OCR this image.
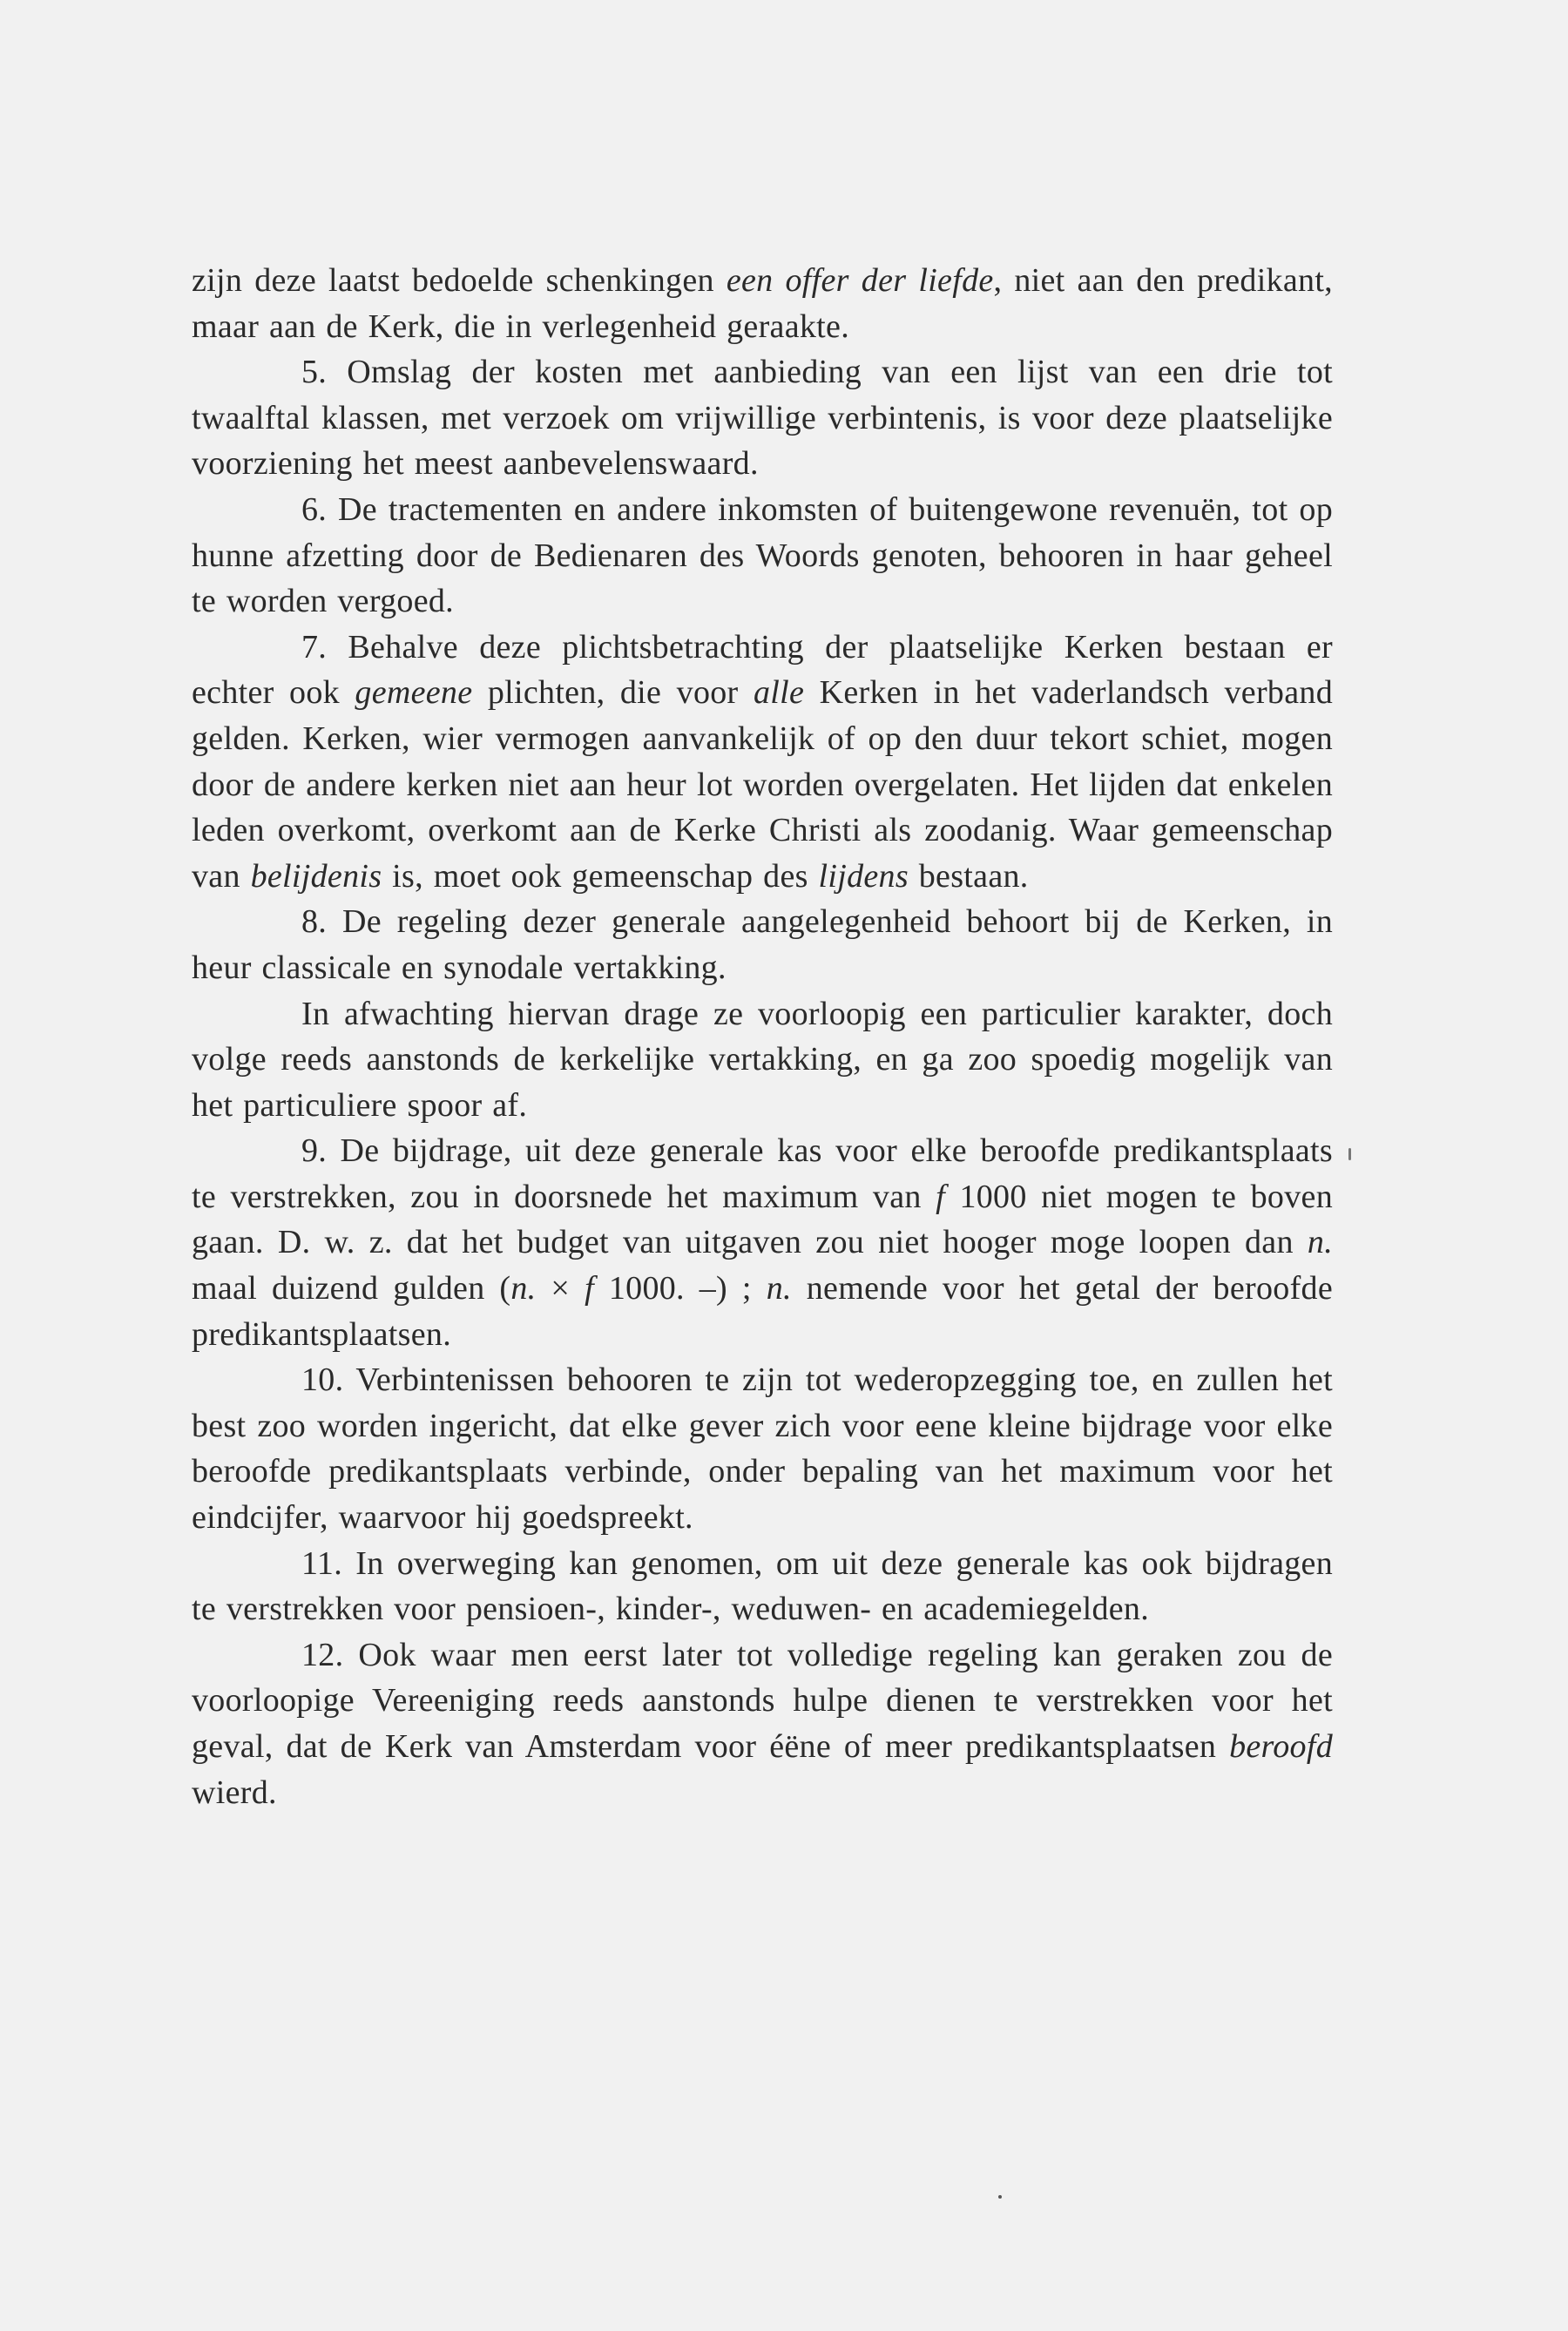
zijn deze laatst bedoelde schenkingen een offer der liefde, niet aan den predikant, maar aan de Kerk, die in verlegenheid geraakte.

5. Omslag der kosten met aanbieding van een lijst van een drie tot twaalftal klassen, met verzoek om vrijwillige verbintenis, is voor deze plaatselijke voorziening het meest aanbevelenswaard.

6. De tractementen en andere inkomsten of buitengewone revenuën, tot op hunne afzetting door de Bedienaren des Woords genoten, behooren in haar geheel te worden vergoed.

7. Behalve deze plichtsbetrachting der plaatselijke Kerken bestaan er echter ook gemeene plichten, die voor alle Kerken in het vaderlandsch verband gelden. Kerken, wier vermogen aanvankelijk of op den duur tekort schiet, mogen door de andere kerken niet aan heur lot worden overgelaten. Het lijden dat enkelen leden overkomt, overkomt aan de Kerke Christi als zoodanig. Waar gemeenschap van belijdenis is, moet ook gemeenschap des lijdens bestaan.

8. De regeling dezer generale aangelegenheid behoort bij de Kerken, in heur classicale en synodale vertakking.

In afwachting hiervan drage ze voorloopig een particulier karakter, doch volge reeds aanstonds de kerkelijke vertakking, en ga zoo spoedig mogelijk van het particuliere spoor af.

9. De bijdrage, uit deze generale kas voor elke beroofde predikantsplaats te verstrekken, zou in doorsnede het maximum van f 1000 niet mogen te boven gaan. D. w. z. dat het budget van uitgaven zou niet hooger moge loopen dan n. maal duizend gulden (n. × f 1000. –) ; n. nemende voor het getal der beroofde predikantsplaatsen.

10. Verbintenissen behooren te zijn tot wederopzegging toe, en zullen het best zoo worden ingericht, dat elke gever zich voor eene kleine bijdrage voor elke beroofde predikantsplaats verbinde, onder bepaling van het maximum voor het eindcijfer, waarvoor hij goedspreekt.

11. In overweging kan genomen, om uit deze generale kas ook bijdragen te verstrekken voor pensioen-, kinder-, weduwen- en academiegelden.

12. Ook waar men eerst later tot volledige regeling kan geraken zou de voorloopige Vereeniging reeds aanstonds hulpe dienen te verstrekken voor het geval, dat de Kerk van Amsterdam voor éëne of meer predikantsplaatsen beroofd wierd.
